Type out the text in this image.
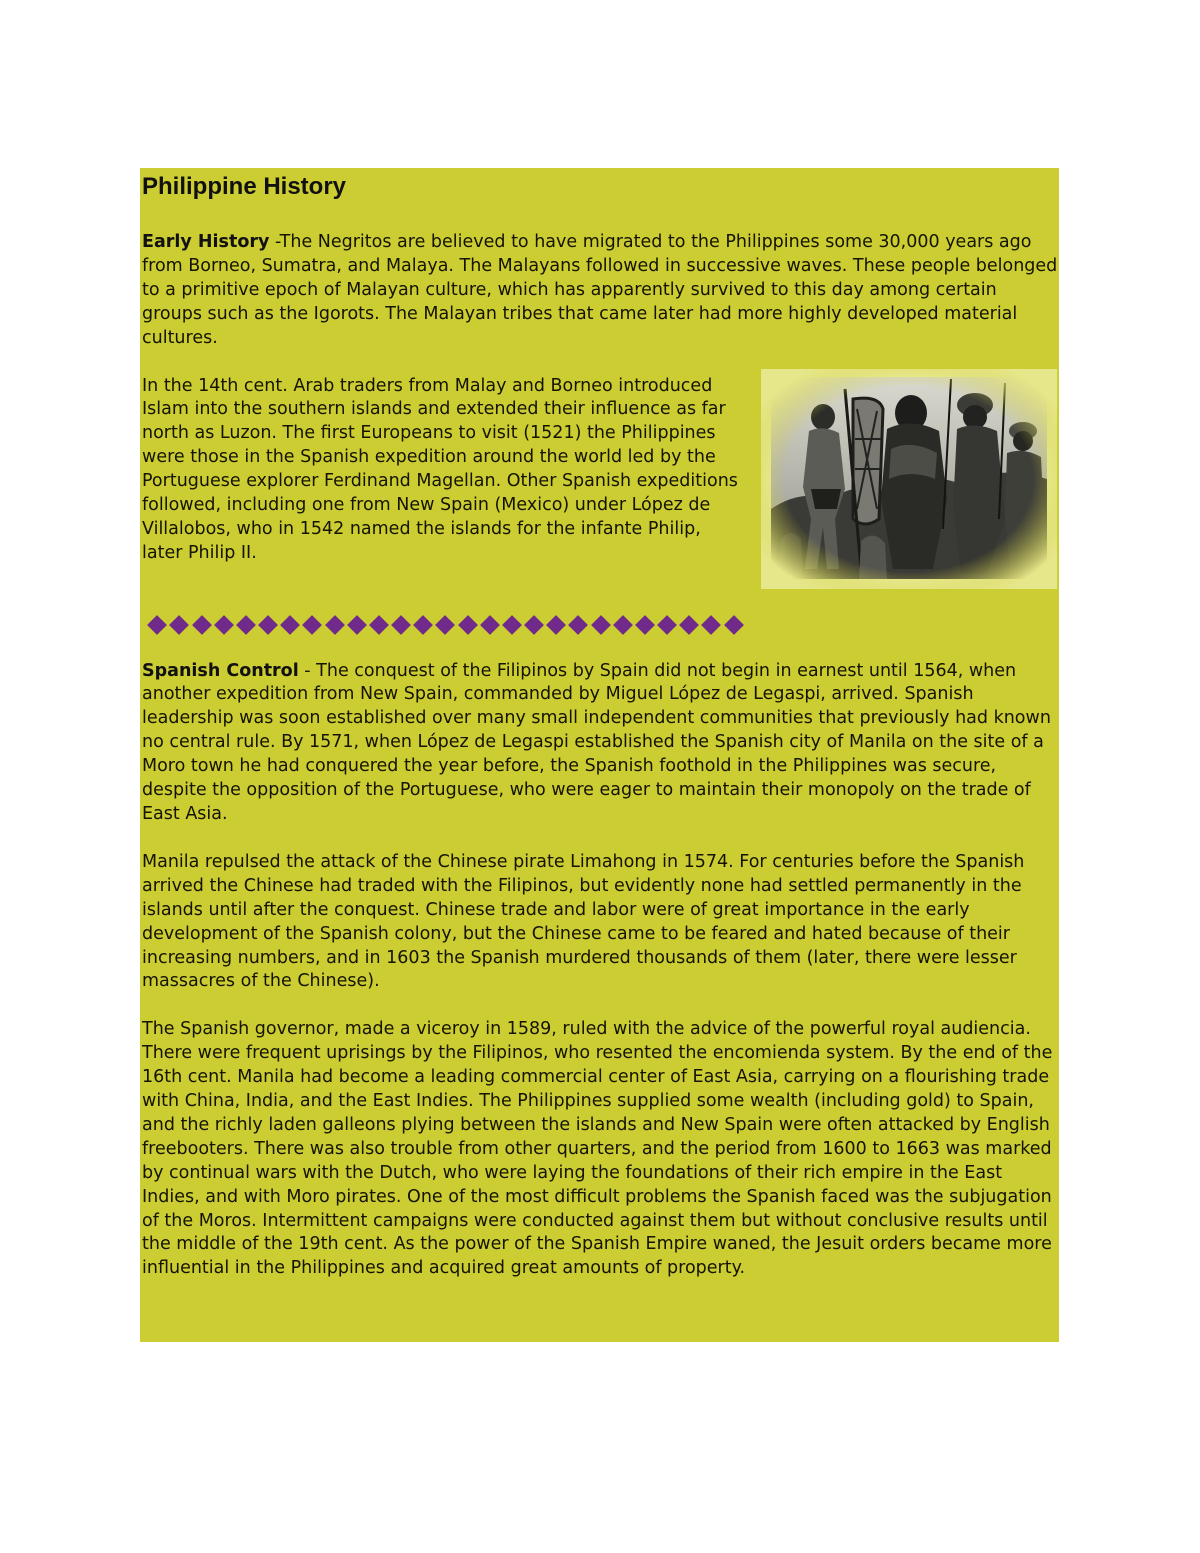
Philippine History

Early History -The Negritos are believed to have migrated to the Philippines some 30,000 years ago from Borneo, Sumatra, and Malaya. The Malayans followed in successive waves. These people belonged to a primitive epoch of Malayan culture, which has apparently survived to this day among certain groups such as the Igorots. The Malayan tribes that came later had more highly developed material cultures.

In the 14th cent. Arab traders from Malay and Borneo introduced Islam into the southern islands and extended their influence as far north as Luzon. The first Europeans to visit (1521) the Philippines were those in the Spanish expedition around the world led by the Portuguese explorer Ferdinand Magellan. Other Spanish expeditions followed, including one from New Spain (Mexico) under López de Villalobos, who in 1542 named the islands for the infante Philip, later Philip II.

Spanish Control - The conquest of the Filipinos by Spain did not begin in earnest until 1564, when another expedition from New Spain, commanded by Miguel López de Legaspi, arrived. Spanish leadership was soon established over many small independent communities that previously had known no central rule. By 1571, when López de Legaspi established the Spanish city of Manila on the site of a Moro town he had conquered the year before, the Spanish foothold in the Philippines was secure, despite the opposition of the Portuguese, who were eager to maintain their monopoly on the trade of East Asia.

Manila repulsed the attack of the Chinese pirate Limahong in 1574. For centuries before the Spanish arrived the Chinese had traded with the Filipinos, but evidently none had settled permanently in the islands until after the conquest. Chinese trade and labor were of great importance in the early development of the Spanish colony, but the Chinese came to be feared and hated because of their increasing numbers, and in 1603 the Spanish murdered thousands of them (later, there were lesser massacres of the Chinese).

The Spanish governor, made a viceroy in 1589, ruled with the advice of the powerful royal audiencia. There were frequent uprisings by the Filipinos, who resented the encomienda system. By the end of the 16th cent. Manila had become a leading commercial center of East Asia, carrying on a flourishing trade with China, India, and the East Indies. The Philippines supplied some wealth (including gold) to Spain, and the richly laden galleons plying between the islands and New Spain were often attacked by English freebooters. There was also trouble from other quarters, and the period from 1600 to 1663 was marked by continual wars with the Dutch, who were laying the foundations of their rich empire in the East Indies, and with Moro pirates. One of the most difficult problems the Spanish faced was the subjugation of the Moros. Intermittent campaigns were conducted against them but without conclusive results until the middle of the 19th cent. As the power of the Spanish Empire waned, the Jesuit orders became more influential in the Philippines and acquired great amounts of property.
